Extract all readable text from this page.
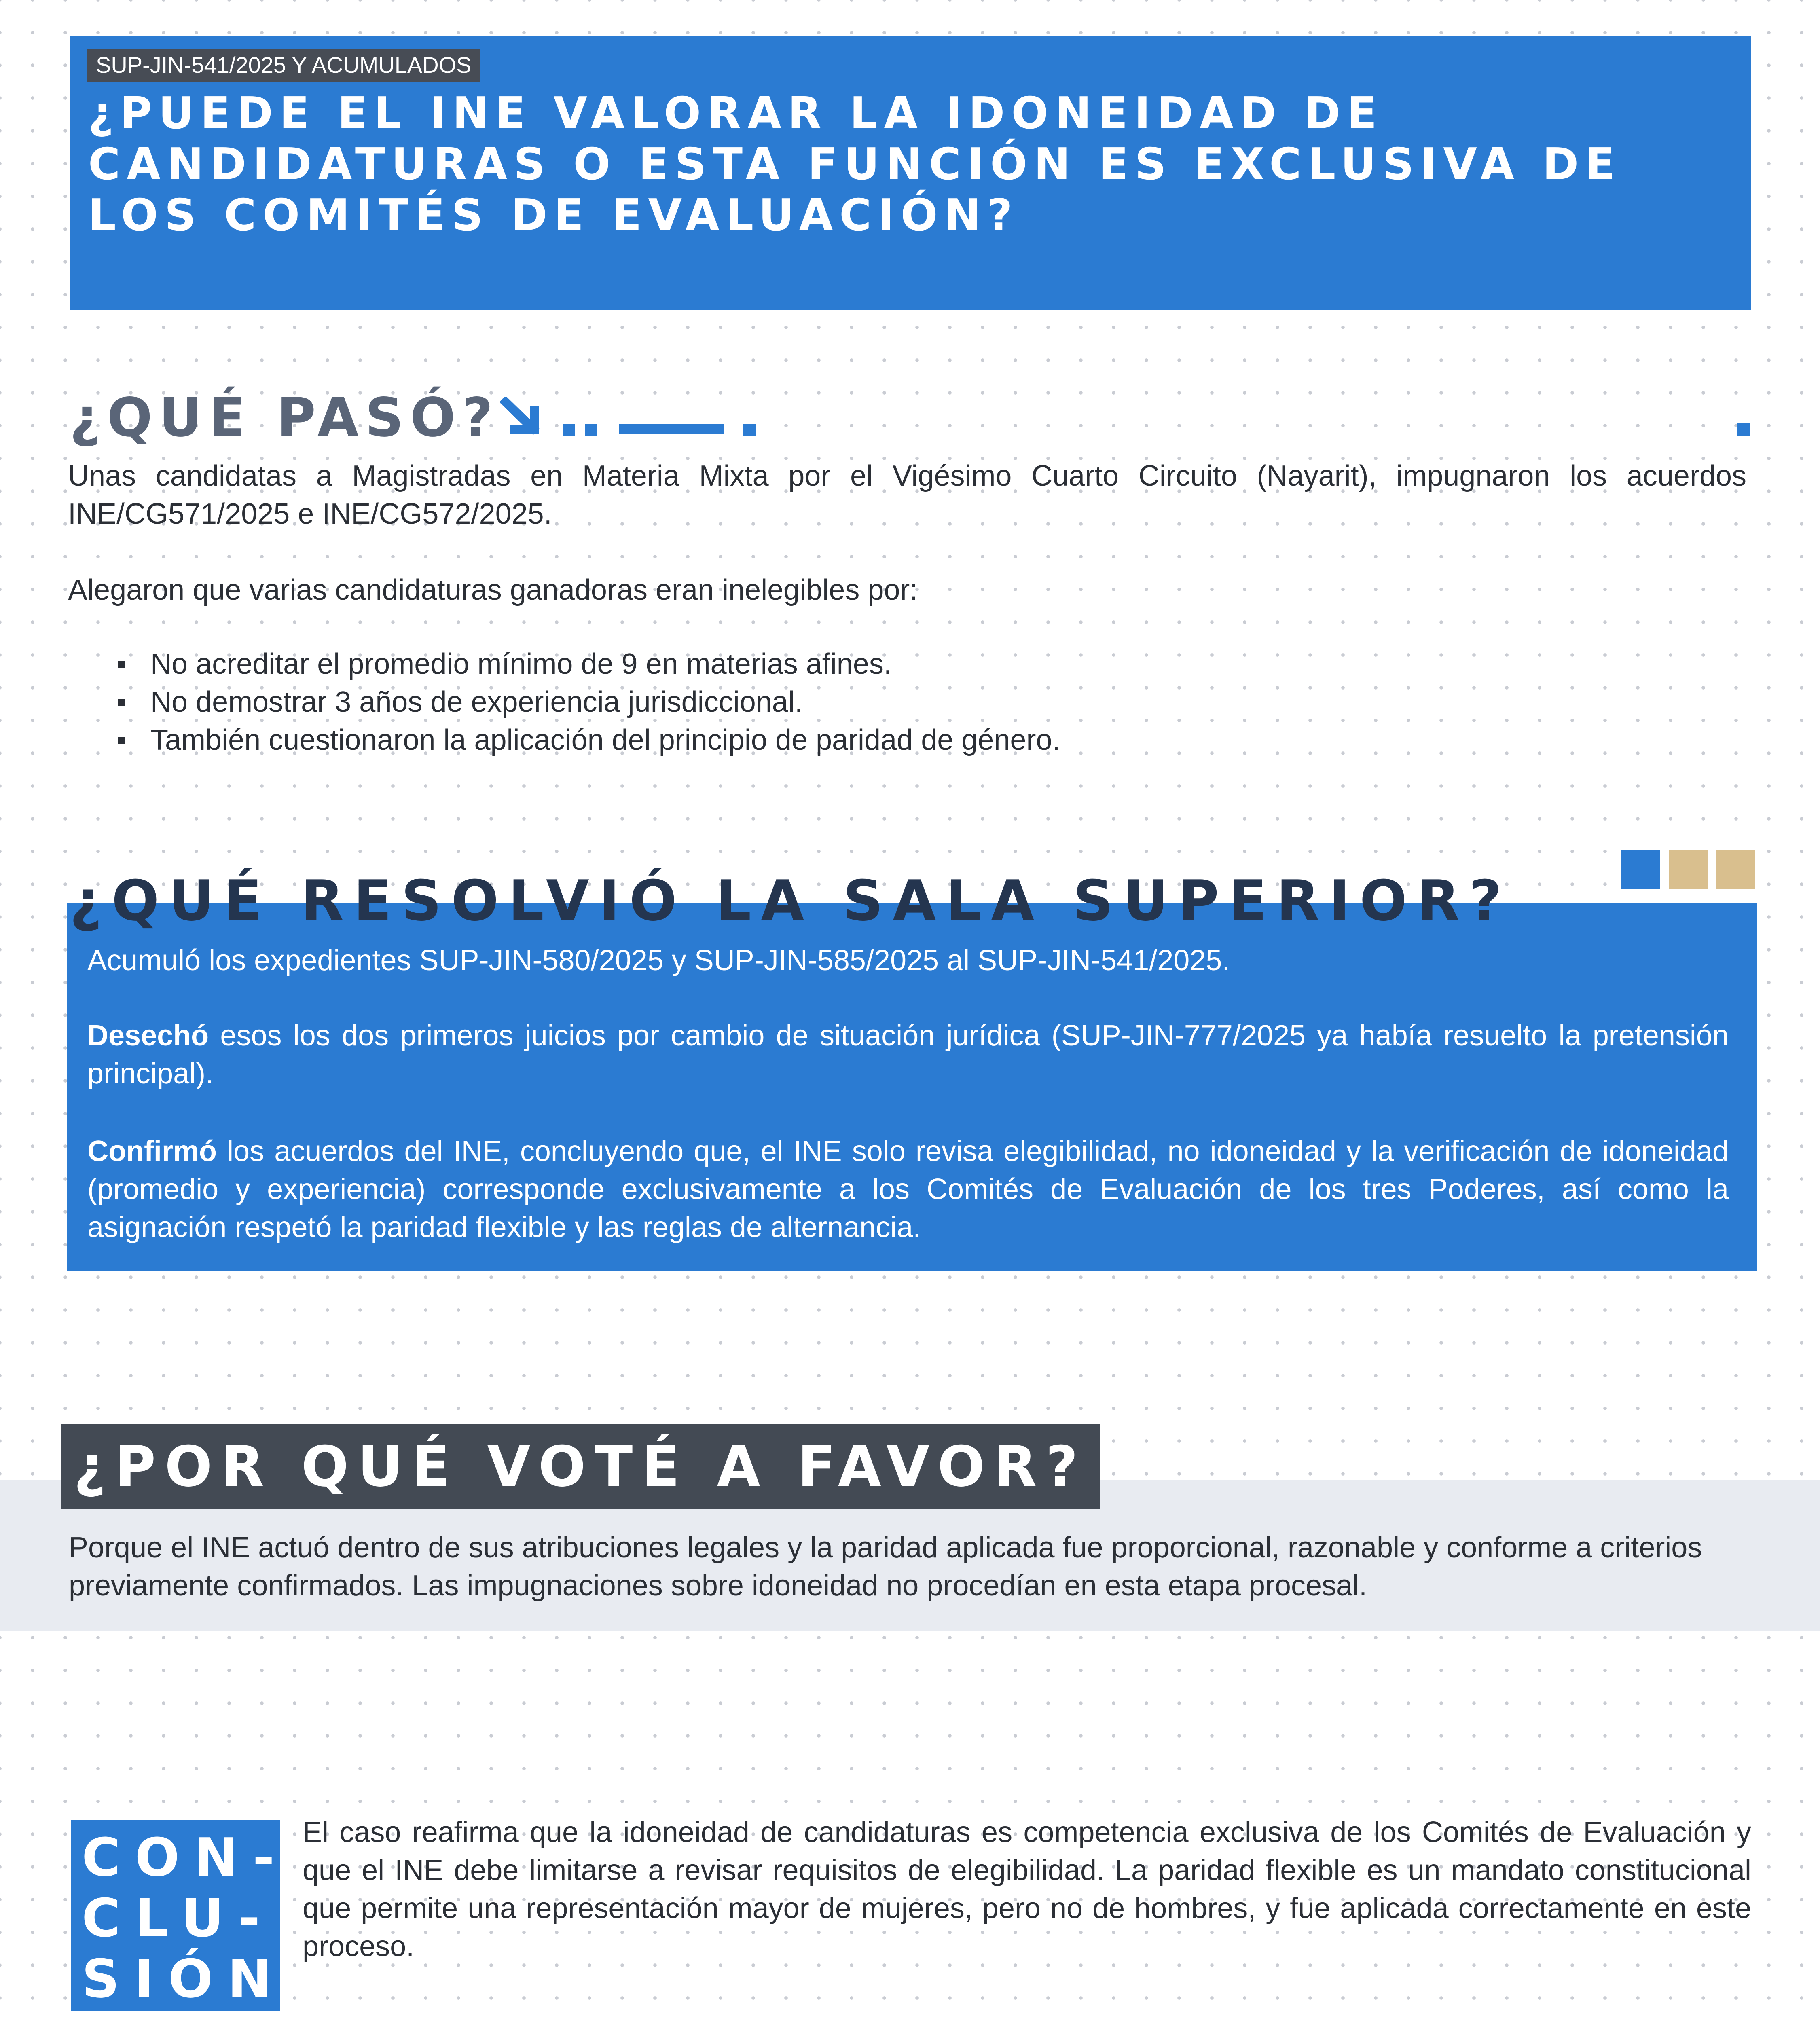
SUP-JIN-541/2025 Y ACUMULADOS
¿PUEDE EL INE VALORAR LA IDONEIDAD DE CANDIDATURAS O ESTA FUNCIÓN ES EXCLUSIVA DE LOS COMITÉS DE EVALUACIÓN?
¿QUÉ PASÓ?

Unas candidatas a Magistradas en Materia Mixta por el Vigésimo Cuarto Circuito (Nayarit), impugnaron los acuerdos INE/CG571/2025 e INE/CG572/2025.

Alegaron que varias candidaturas ganadoras eran inelegibles por:

No acreditar el promedio mínimo de 9 en materias afines.
No demostrar 3 años de experiencia jurisdiccional.
También cuestionaron la aplicación del principio de paridad de género.
¿QUÉ RESOLVIÓ LA SALA SUPERIOR?

Acumuló los expedientes SUP-JIN-580/2025 y SUP-JIN-585/2025 al SUP-JIN-541/2025.

Desechó esos los dos primeros juicios por cambio de situación jurídica (SUP-JIN-777/2025 ya había resuelto la pretensión principal).

Confirmó los acuerdos del INE, concluyendo que, el INE solo revisa elegibilidad, no idoneidad y la verificación de idoneidad (promedio y experiencia) corresponde exclusivamente a los Comités de Evaluación de los tres Poderes, así como la asignación respetó la paridad flexible y las reglas de alternancia.

¿POR QUÉ VOTÉ A FAVOR?

Porque el INE actuó dentro de sus atribuciones legales y la paridad aplicada fue proporcional, razonable y conforme a criterios previamente confirmados. Las impugnaciones sobre idoneidad no procedían en esta etapa procesal.

CON-
CLU-
SIÓN

El caso reafirma que la idoneidad de candidaturas es competencia exclusiva de los Comités de Evaluación y que el INE debe limitarse a revisar requisitos de elegibilidad. La paridad flexible es un mandato constitucional que permite una representación mayor de mujeres, pero no de hombres, y fue aplicada correctamente en este proceso.
